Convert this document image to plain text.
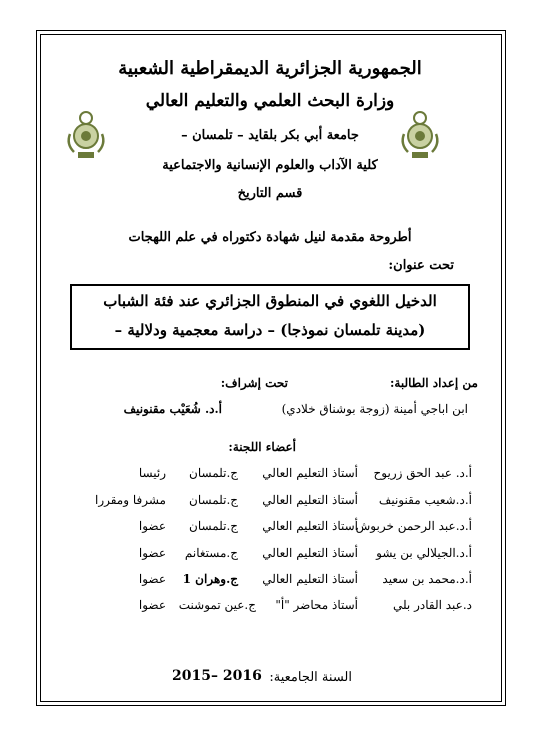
الجمهورية الجزائرية الديمقراطية الشعبية
وزارة البحث العلمي والتعليم العالي
جامعة أبي بكر بلقايد – تلمسان –
كلية الآداب والعلوم الإنسانية والاجتماعية
قسم التاريخ
أطروحة مقدمة لنيل شهادة دكتوراه في علم اللهجات
تحت عنوان:
الدخيل اللغوي في المنطوق الجزائري عند فئة الشباب
(مدينة تلمسان نموذجا) – دراسة معجمية ودلالية –
من إعداد الطالبة:
تحت إشراف:
ابن اباجي أمينة (زوجة بوشناق خلادي)
أ.د. شُعَيْب مقنونيف
أعضاء اللجنة:
أ.د. عبد الحق زريوح
أستاذ التعليم العالي
ج.تلمسان
رئيسا
أ.د.شعيب مقنونيف
أستاذ التعليم العالي
ج.تلمسان
مشرفا ومقررا
أ.د.عبد الرحمن خربوش
أستاذ التعليم العالي
ج.تلمسان
عضوا
أ.د.الجيلالي بن يشو
أستاذ التعليم العالي
ج.مستغانم
عضوا
أ.د.محمد بن سعيد
أستاذ التعليم العالي
ج.وهران 1
عضوا
د.عبد القادر بلي
أستاذ محاضر "أ"
ج.عين تموشنت
عضوا
السنة الجامعية:
2015– 2016
